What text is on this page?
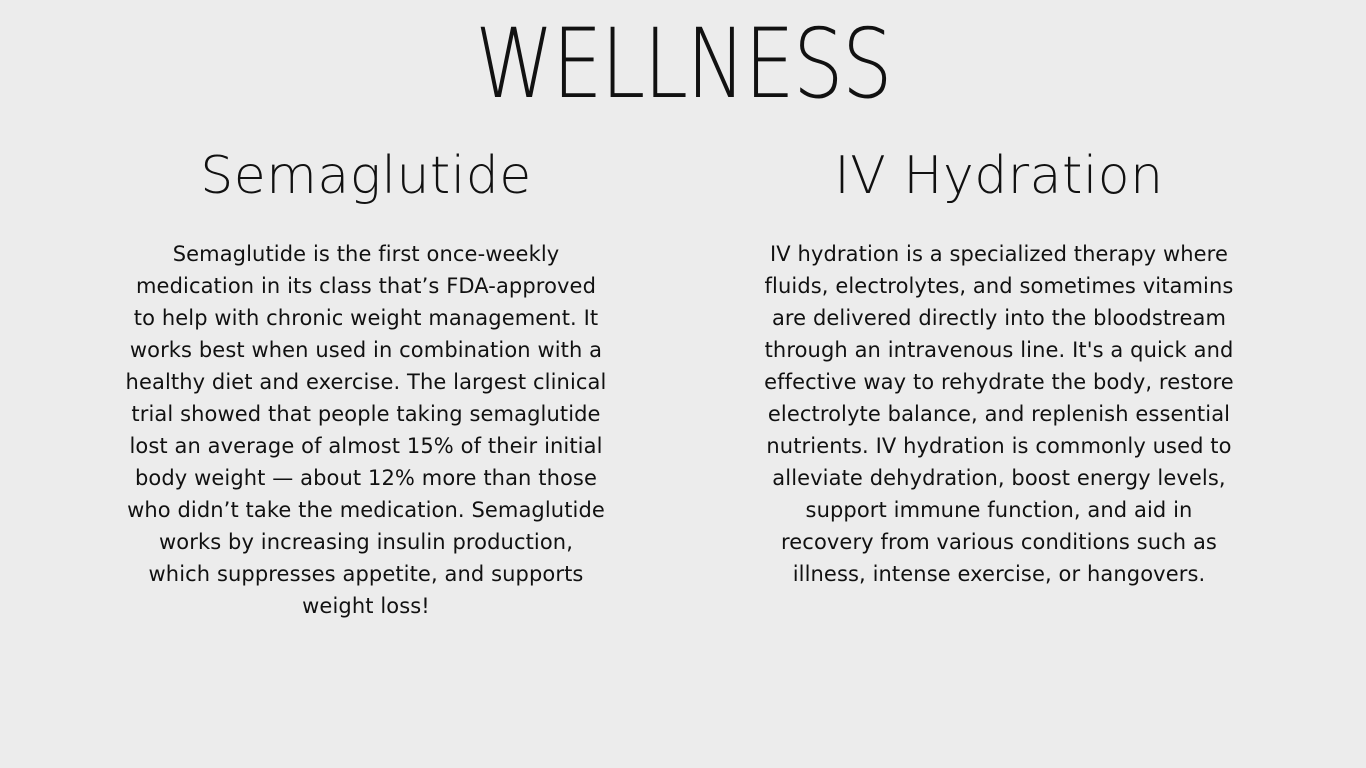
WELLNESS
Semaglutide
Semaglutide is the first once-weekly medication in its class that’s FDA-approved to help with chronic weight management. It works best when used in combination with a healthy diet and exercise. The largest clinical trial showed that people taking semaglutide lost an average of almost 15% of their initial body weight — about 12% more than those who didn’t take the medication. Semaglutide works by increasing insulin production, which suppresses appetite, and supports weight loss!
IV Hydration
IV hydration is a specialized therapy where fluids, electrolytes, and sometimes vitamins are delivered directly into the bloodstream through an intravenous line. It's a quick and effective way to rehydrate the body, restore electrolyte balance, and replenish essential nutrients. IV hydration is commonly used to alleviate dehydration, boost energy levels, support immune function, and aid in recovery from various conditions such as illness, intense exercise, or hangovers.
